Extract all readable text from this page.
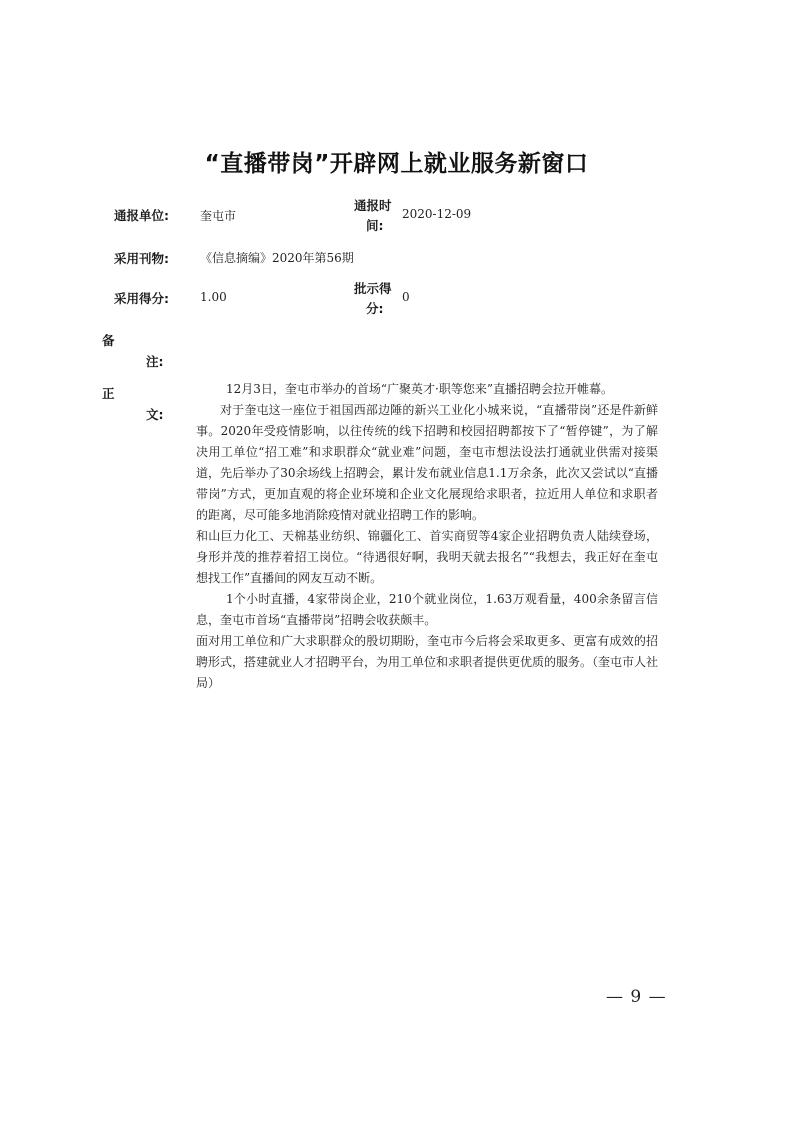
“直播带岗”开辟网上就业服务新窗口
通报单位:	奎屯市
通报时
间:
2020-12-09
采用刊物:	《信息摘编》2020年第56期
采用得分:	1.00
批示得
分:
0
备
注:
正
文:

12月3日，奎屯市举办的首场“广聚英才·职等您来”直播招聘会拉开帷幕。

对于奎屯这一座位于祖国西部边陲的新兴工业化小城来说，“直播带岗”还是件新鲜事。2020年受疫情影响，以往传统的线下招聘和校园招聘都按下了“暂停键”，为了解决用工单位“招工难”和求职群众“就业难”问题，奎屯市想法设法打通就业供需对接渠道，先后举办了30余场线上招聘会，累计发布就业信息1.1万余条，此次又尝试以“直播带岗”方式，更加直观的将企业环境和企业文化展现给求职者，拉近用人单位和求职者的距离，尽可能多地消除疫情对就业招聘工作的影响。

和山巨力化工、天棉基业纺织、锦疆化工、首实商贸等4家企业招聘负责人陆续登场，身形并茂的推荐着招工岗位。“待遇很好啊，我明天就去报名”“我想去，我正好在奎屯想找工作”直播间的网友互动不断。

1个小时直播，4家带岗企业，210个就业岗位，1.63万观看量，400余条留言信息，奎屯市首场“直播带岗”招聘会收获颇丰。

面对用工单位和广大求职群众的殷切期盼，奎屯市今后将会采取更多、更富有成效的招聘形式，搭建就业人才招聘平台，为用工单位和求职者提供更优质的服务。（奎屯市人社局）

— 9 —
